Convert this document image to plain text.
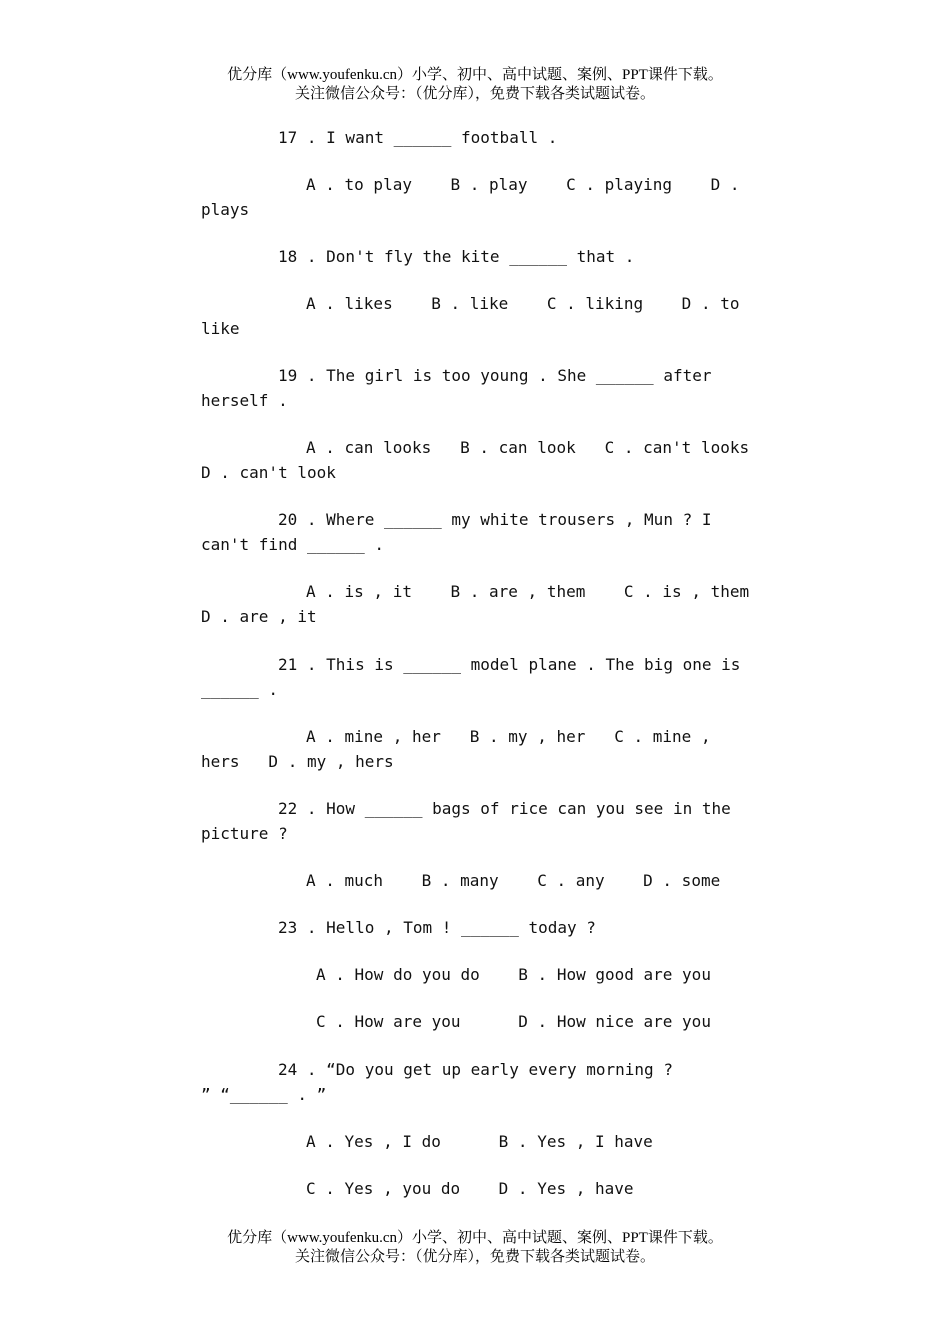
优分库（www.youfenku.cn）小学、初中、高中试题、案例、PPT课件下载。
关注微信公众号：（优分库），免费下载各类试题试卷。
17 . I want ______ football .
A . to play    B . play    C . playing    D .
plays
18 . Don't fly the kite ______ that .
A . likes    B . like    C . liking    D . to
like
19 . The girl is too young . She ______ after
herself .
A . can looks   B . can look   C . can't looks
D . can't look
20 . Where ______ my white trousers , Mun ? I
can't find ______ .
A . is , it    B . are , them    C . is , them
D . are , it
21 . This is ______ model plane . The big one is
______ .
A . mine , her   B . my , her   C . mine ,
hers   D . my , hers
22 . How ______ bags of rice can you see in the
picture ?
A . much    B . many    C . any    D . some
23 . Hello , Tom ! ______ today ?
A . How do you do    B . How good are you
C . How are you      D . How nice are you
24 . “Do you get up early every morning ?
” “______ . ”
A . Yes , I do      B . Yes , I have
C . Yes , you do    D . Yes , have
优分库（www.youfenku.cn）小学、初中、高中试题、案例、PPT课件下载。
关注微信公众号：（优分库），免费下载各类试题试卷。
